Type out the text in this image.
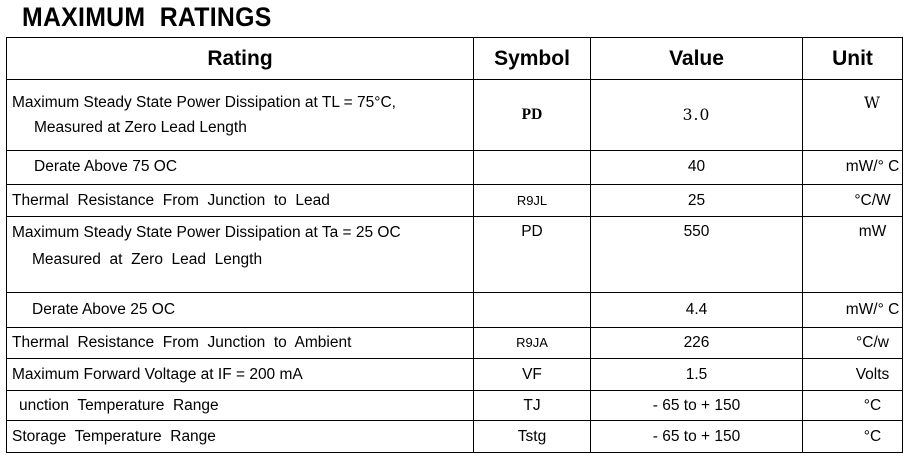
MAXIMUM  RATINGS
Rating	Symbol	Value	Unit

Maximum Steady State Power Dissipation at TL = 75°C,
Measured at Zero Lead Length	PD	3.0	W
Derate Above 75 OC		40	mW/° C
Thermal  Resistance  From  Junction  to  Lead	R9JL	25	°C/W

Maximum Steady State Power Dissipation at Ta = 25 OC
Measured  at  Zero  Lead  Length	PD	550	mW
Derate Above 25 OC		4.4	mW/° C
Thermal  Resistance  From  Junction  to  Ambient	R9JA	226	°C/w
Maximum Forward Voltage at IF = 200 mA	VF	1.5	Volts
unction  Temperature  Range	TJ	- 65 to + 150	°C
Storage  Temperature  Range	Tstg	- 65 to + 150	°C
